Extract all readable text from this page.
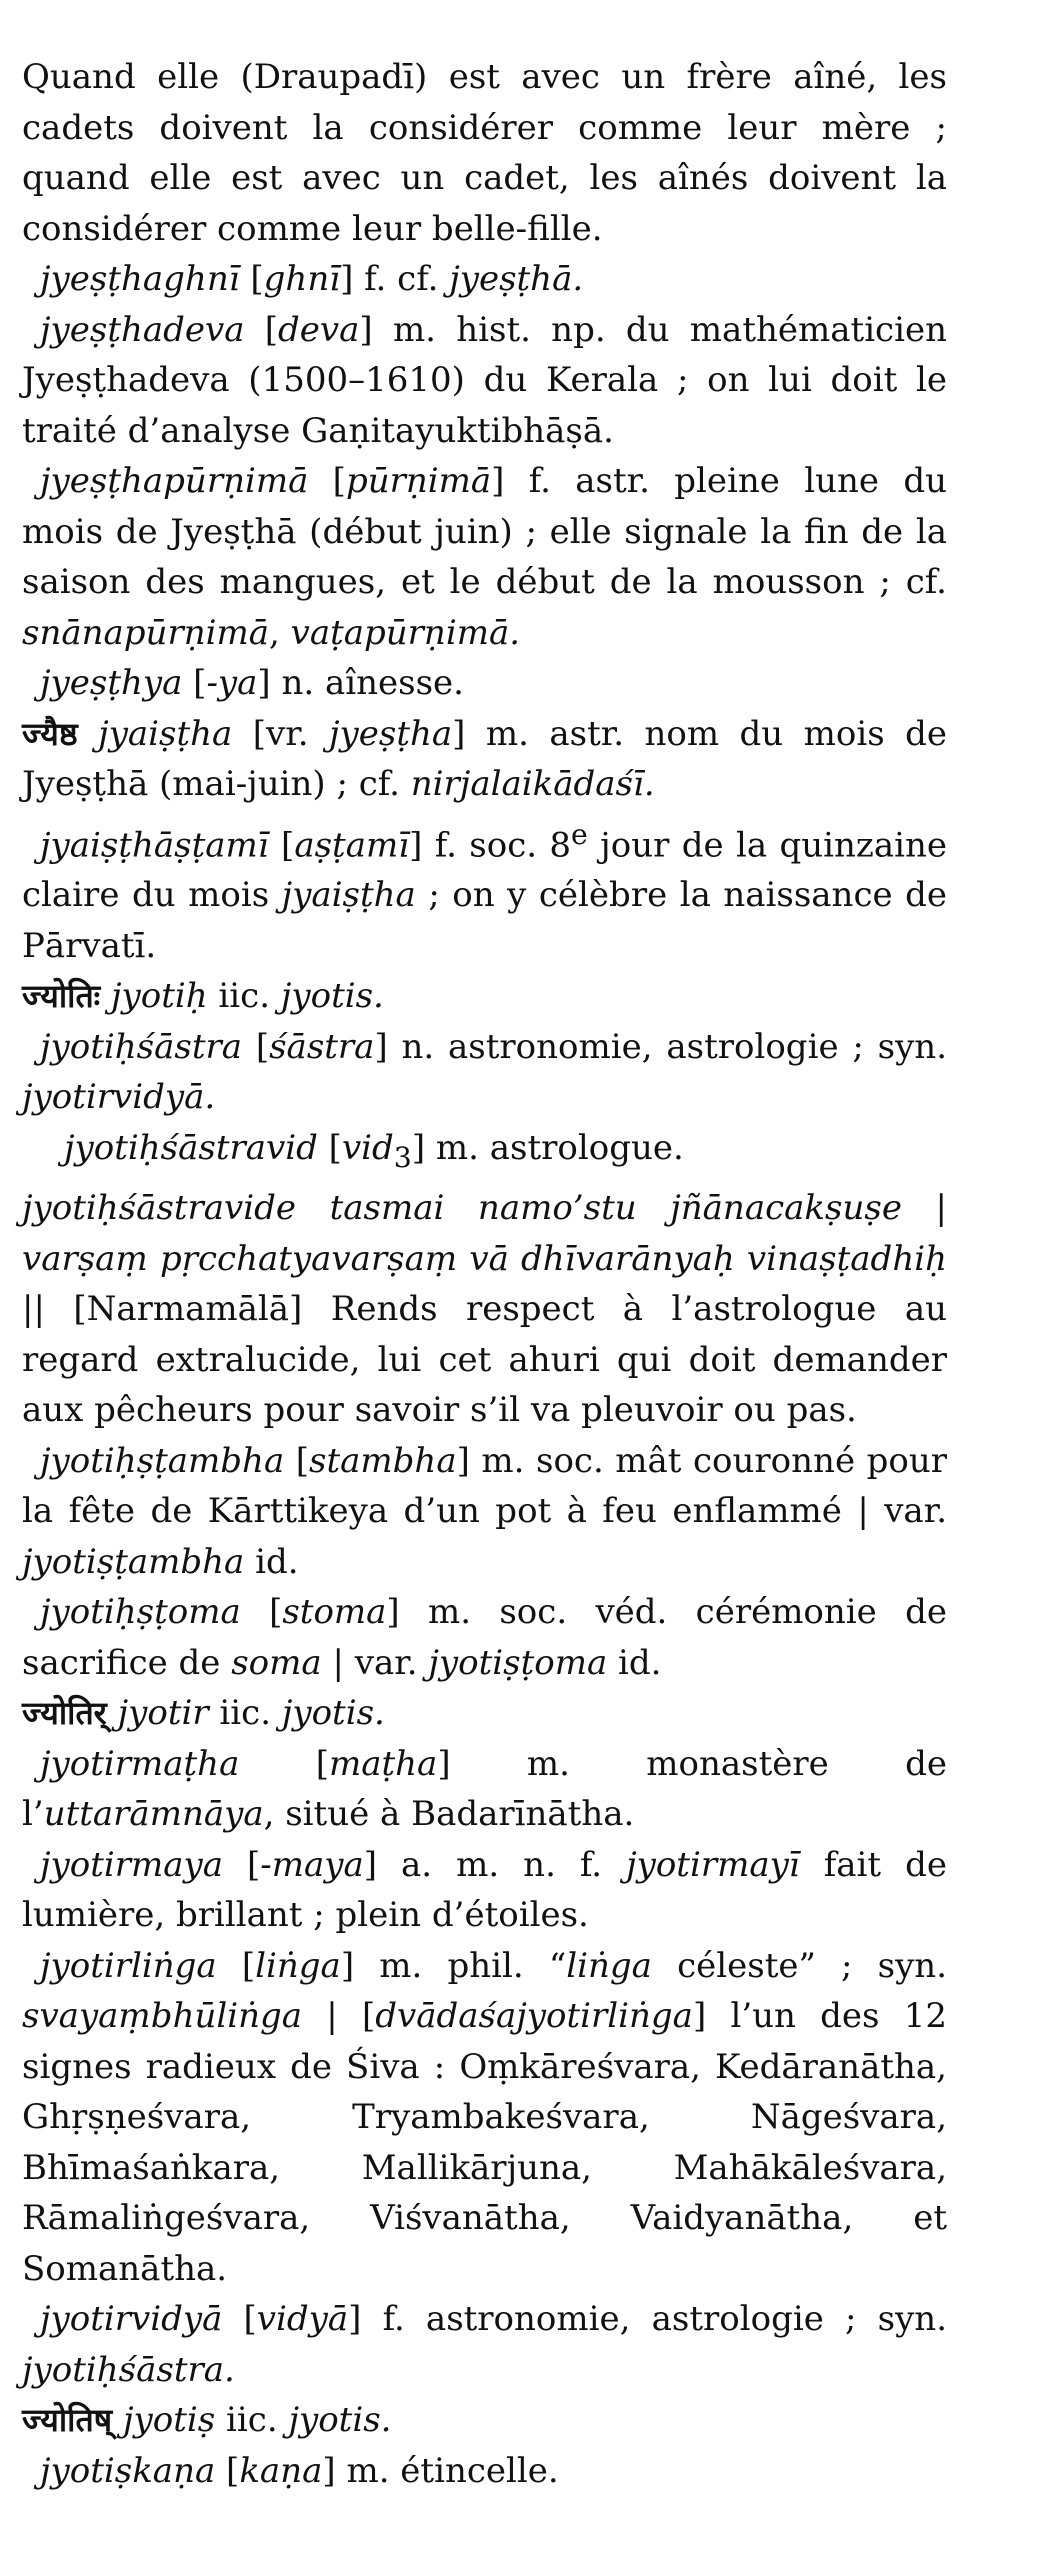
Quand elle (Draupadī) est avec un frère aîné, les cadets doivent la considérer comme leur mère ; quand elle est avec un cadet, les aînés doivent la considérer comme leur belle-fille.

jyeṣṭhaghnī [ghnī] f. cf. jyeṣṭhā.

jyeṣṭhadeva [deva] m. hist. np. du mathématicien Jyeṣṭhadeva (1500–1610) du Kerala ; on lui doit le traité d’analyse Gaṇitayuktibhāṣā.

jyeṣṭhapūrṇimā [pūrṇimā] f. astr. pleine lune du mois de Jyeṣṭhā (début juin) ; elle signale la fin de la saison des mangues, et le début de la mousson ; cf. snānapūrṇimā, vaṭapūrṇimā.

jyeṣṭhya [-ya] n. aînesse.

ज्यैष्ठ jyaiṣṭha [vr. jyeṣṭha] m. astr. nom du mois de Jyeṣṭhā (mai-juin) ; cf. nirjalaikādaśī.

jyaiṣṭhāṣṭamī [aṣṭamī] f. soc. 8e jour de la quinzaine claire du mois jyaiṣṭha ; on y célèbre la naissance de Pārvatī.

ज्योतिः jyotiḥ iic. jyotis.

jyotiḥśāstra [śāstra] n. astronomie, astrologie ; syn. jyotirvidyā.

jyotiḥśāstravid [vid$_3$] m. astrologue.

jyotiḥśāstravide tasmai namo’stu jñānacakṣuṣe | varṣaṃ pṛcchatyavarṣaṃ vā dhīvarānyaḥ vinaṣṭadhiḥ || [Narmamālā] Rends respect à l’astrologue au regard extralucide, lui cet ahuri qui doit demander aux pêcheurs pour savoir s’il va pleuvoir ou pas.

jyotiḥṣṭambha [stambha] m. soc. mât couronné pour la fête de Kārttikeya d’un pot à feu enflammé | var. jyotiṣṭambha id.

jyotiḥṣṭoma [stoma] m. soc. véd. cérémonie de sacrifice de soma | var. jyotiṣṭoma id.

ज्योतिर् jyotir iic. jyotis.

jyotirmaṭha [maṭha] m. monastère de l’uttarāmnāya, situé à Badarīnātha.

jyotirmaya [-maya] a. m. n. f. jyotirmayī fait de lumière, brillant ; plein d’étoiles.

jyotirliṅga [liṅga] m. phil. “liṅga céleste” ; syn. svayaṃbhūliṅga | [dvādaśajyotirliṅga] l’un des 12 signes radieux de Śiva : Oṃkāreśvara, Kedāranātha, Ghṛṣṇeśvara, Tryambakeśvara, Nāgeśvara, Bhīmaśaṅkara, Mallikārjuna, Mahākāleśvara, Rāmaliṅgeśvara, Viśvanātha, Vaidyanātha, et Somanātha.

jyotirvidyā [vidyā] f. astronomie, astrologie ; syn. jyotiḥśāstra.

ज्योतिष् jyotiṣ iic. jyotis.

jyotiṣkaṇa [kaṇa] m. étincelle.
